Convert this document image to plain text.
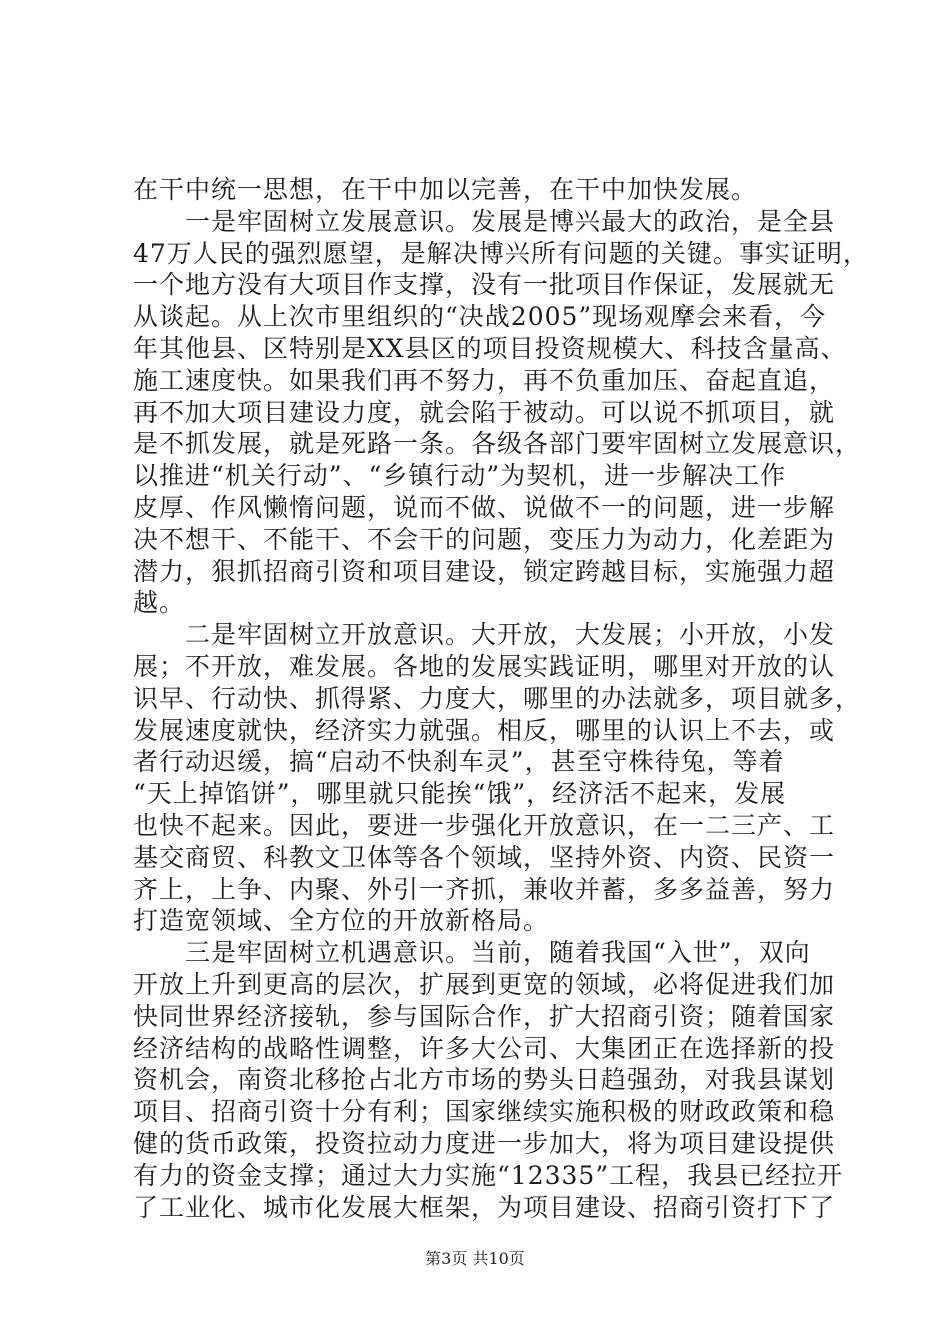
在干中统一思想，在干中加以完善，在干中加快发展。
　　一是牢固树立发展意识。发展是博兴最大的政治，是全县
47万人民的强烈愿望，是解决博兴所有问题的关键。事实证明，
一个地方没有大项目作支撑，没有一批项目作保证，发展就无
从谈起。从上次市里组织的“决战2005”现场观摩会来看，今
年其他县、区特别是XX县区的项目投资规模大、科技含量高、
施工速度快。如果我们再不努力，再不负重加压、奋起直追，
再不加大项目建设力度，就会陷于被动。可以说不抓项目，就
是不抓发展，就是死路一条。各级各部门要牢固树立发展意识，
以推进“机关行动”、“乡镇行动”为契机，进一步解决工作
皮厚、作风懒惰问题，说而不做、说做不一的问题，进一步解
决不想干、不能干、不会干的问题，变压力为动力，化差距为
潜力，狠抓招商引资和项目建设，锁定跨越目标，实施强力超
越。
　　二是牢固树立开放意识。大开放，大发展；小开放，小发
展；不开放，难发展。各地的发展实践证明，哪里对开放的认
识早、行动快、抓得紧、力度大，哪里的办法就多，项目就多，
发展速度就快，经济实力就强。相反，哪里的认识上不去，或
者行动迟缓，搞“启动不快刹车灵”，甚至守株待兔，等着
“天上掉馅饼”，哪里就只能挨“饿”，经济活不起来，发展
也快不起来。因此，要进一步强化开放意识，在一二三产、工
基交商贸、科教文卫体等各个领域，坚持外资、内资、民资一
齐上，上争、内聚、外引一齐抓，兼收并蓄，多多益善，努力
打造宽领域、全方位的开放新格局。
　　三是牢固树立机遇意识。当前，随着我国“入世”，双向
开放上升到更高的层次，扩展到更宽的领域，必将促进我们加
快同世界经济接轨，参与国际合作，扩大招商引资；随着国家
经济结构的战略性调整，许多大公司、大集团正在选择新的投
资机会，南资北移抢占北方市场的势头日趋强劲，对我县谋划
项目、招商引资十分有利；国家继续实施积极的财政政策和稳
健的货币政策，投资拉动力度进一步加大，将为项目建设提供
有力的资金支撑；通过大力实施“12335”工程，我县已经拉开
了工业化、城市化发展大框架，为项目建设、招商引资打下了
第3页 共10页
